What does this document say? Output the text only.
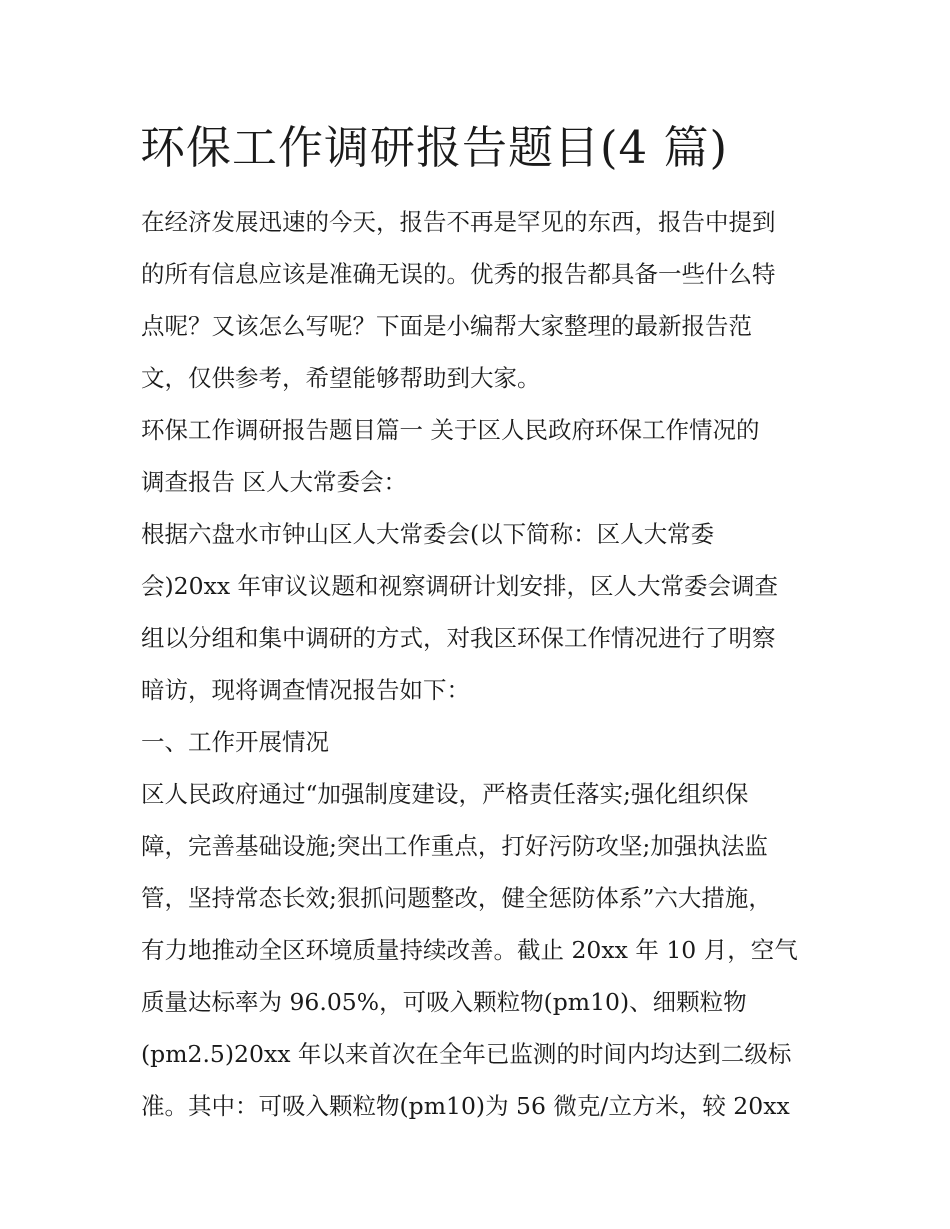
环保工作调研报告题目(4 篇)
在经济发展迅速的今天，报告不再是罕见的东西，报告中提到
的所有信息应该是准确无误的。优秀的报告都具备一些什么特
点呢？又该怎么写呢？下面是小编帮大家整理的最新报告范
文，仅供参考，希望能够帮助到大家。
环保工作调研报告题目篇一 关于区人民政府环保工作情况的
调查报告 区人大常委会：
根据六盘水市钟山区人大常委会(以下简称：区人大常委
会)20xx 年审议议题和视察调研计划安排，区人大常委会调查
组以分组和集中调研的方式，对我区环保工作情况进行了明察
暗访，现将调查情况报告如下：
一、工作开展情况
区人民政府通过“加强制度建设，严格责任落实;强化组织保
障，完善基础设施;突出工作重点，打好污防攻坚;加强执法监
管，坚持常态长效;狠抓问题整改，健全惩防体系”六大措施，
有力地推动全区环境质量持续改善。截止 20xx 年 10 月，空气
质量达标率为 96.05%，可吸入颗粒物(pm10)、细颗粒物
(pm2.5)20xx 年以来首次在全年已监测的时间内均达到二级标
准。其中：可吸入颗粒物(pm10)为 56 微克/立方米，较 20xx
